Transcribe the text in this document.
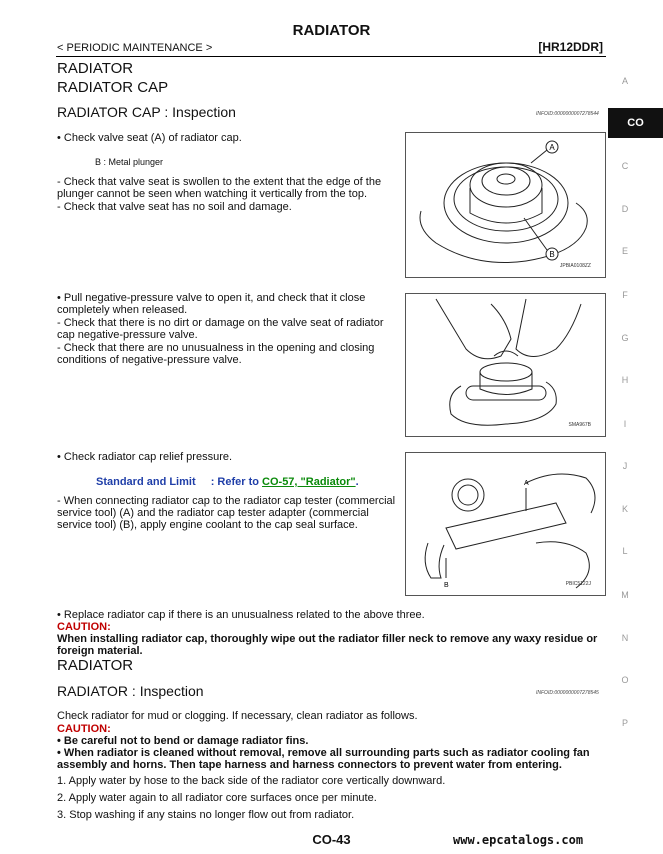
RADIATOR
< PERIODIC MAINTENANCE >	[HR12DDR]
RADIATOR
RADIATOR CAP
RADIATOR CAP : Inspection	INFOID:0000000007278544
• Check valve seat (A) of radiator cap.
B : Metal plunger
- Check that valve seat is swollen to the extent that the edge of the plunger cannot be seen when watching it vertically from the top.
- Check that valve seat has no soil and damage.
A
B
JPBIA0108ZZ
• Pull negative-pressure valve to open it, and check that it close completely when released.
- Check that there is no dirt or damage on the valve seat of radiator cap negative-pressure valve.
- Check that there are no unusualness in the opening and closing conditions of negative-pressure valve.
SMA967B
• Check radiator cap relief pressure.
Standard and Limit : Refer to CO-57, "Radiator".
- When connecting radiator cap to the radiator cap tester (commercial service tool) (A) and the radiator cap tester adapter (commercial service tool) (B), apply engine coolant to the cap seal surface.
A
B	PBIC5122J
• Replace radiator cap if there is an unusualness related to the above three.
CAUTION:
When installing radiator cap, thoroughly wipe out the radiator filler neck to remove any waxy residue or foreign material.
RADIATOR
RADIATOR : Inspection	INFOID:0000000007278545
Check radiator for mud or clogging. If necessary, clean radiator as follows.
CAUTION:
• Be careful not to bend or damage radiator fins.
• When radiator is cleaned without removal, remove all surrounding parts such as radiator cooling fan assembly and horns. Then tape harness and harness connectors to prevent water from entering.
1. Apply water by hose to the back side of the radiator core vertically downward.
2. Apply water again to all radiator core surfaces once per minute.
3. Stop washing if any stains no longer flow out from radiator.
A
CO
C
D
E
F
G
H
I
J
K
L
M
N
O
P
CO-43	www.epcatalogs.com
